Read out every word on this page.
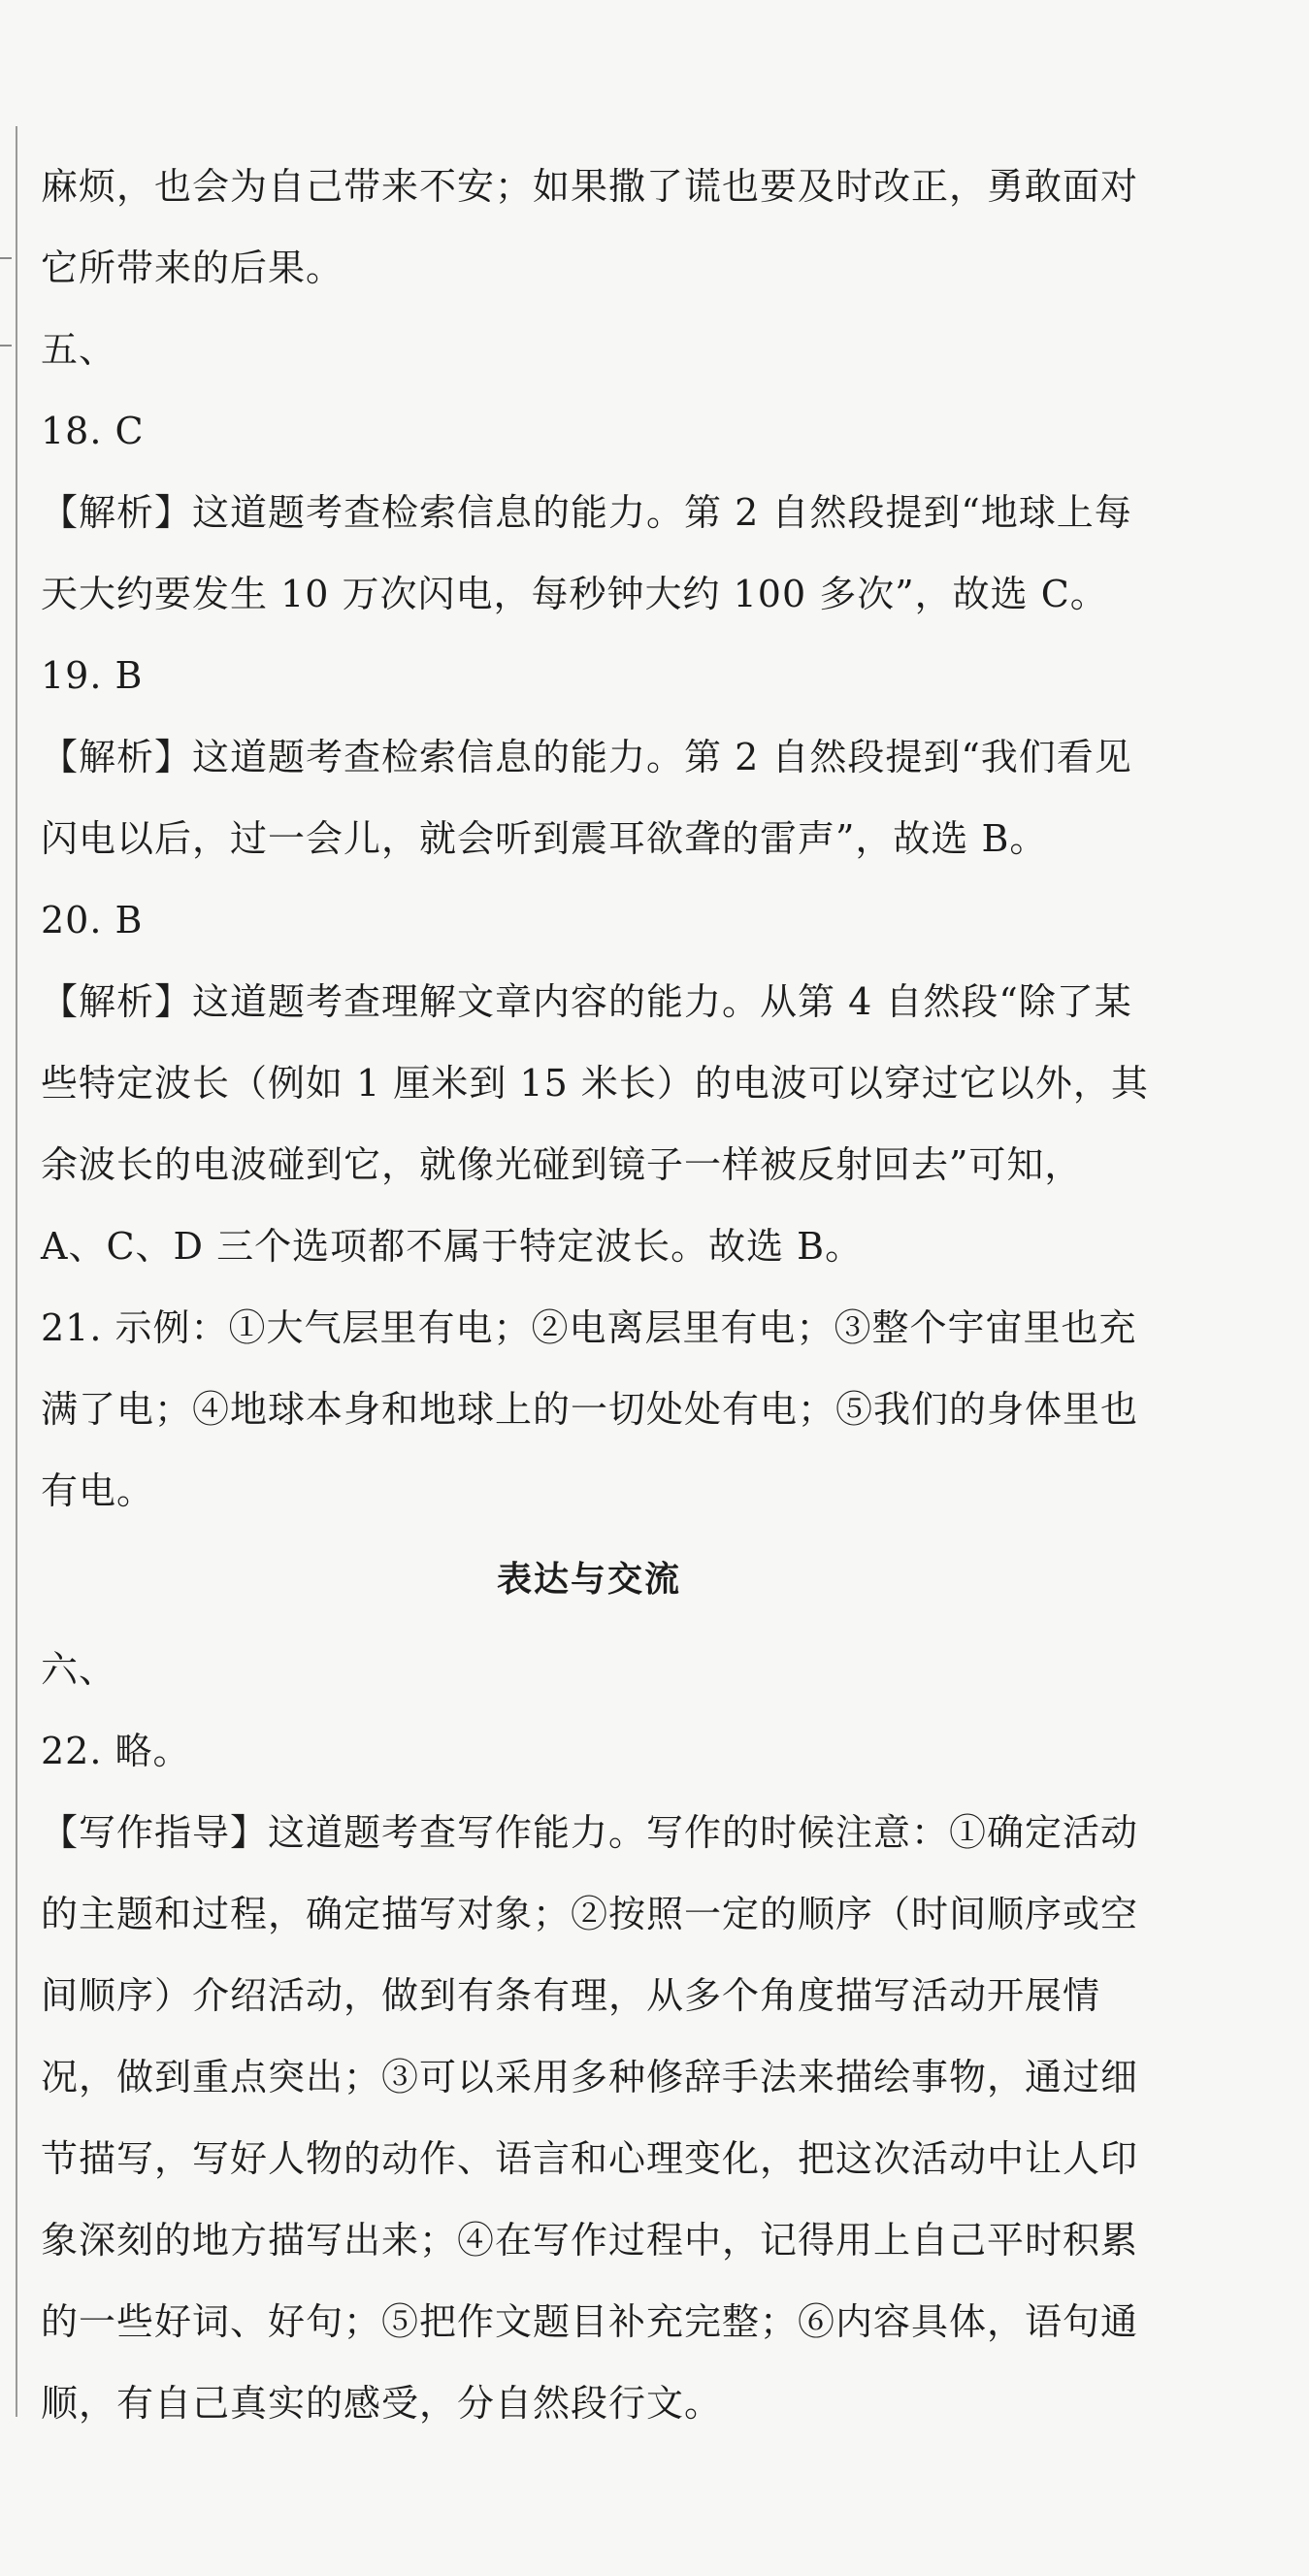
麻烦，也会为自己带来不安；如果撒了谎也要及时改正，勇敢面对
它所带来的后果。
五、
18. C
【解析】这道题考查检索信息的能力。第 2 自然段提到“地球上每
天大约要发生 10 万次闪电，每秒钟大约 100 多次”，故选 C。
19. B
【解析】这道题考查检索信息的能力。第 2 自然段提到“我们看见
闪电以后，过一会儿，就会听到震耳欲聋的雷声”，故选 B。
20. B
【解析】这道题考查理解文章内容的能力。从第 4 自然段“除了某
些特定波长（例如 1 厘米到 15 米长）的电波可以穿过它以外，其
余波长的电波碰到它，就像光碰到镜子一样被反射回去”可知，
A、C、D 三个选项都不属于特定波长。故选 B。
21. 示例：①大气层里有电；②电离层里有电；③整个宇宙里也充
满了电；④地球本身和地球上的一切处处有电；⑤我们的身体里也
有电。
表达与交流
六、
22. 略。
【写作指导】这道题考查写作能力。写作的时候注意：①确定活动
的主题和过程，确定描写对象；②按照一定的顺序（时间顺序或空
间顺序）介绍活动，做到有条有理，从多个角度描写活动开展情
况，做到重点突出；③可以采用多种修辞手法来描绘事物，通过细
节描写，写好人物的动作、语言和心理变化，把这次活动中让人印
象深刻的地方描写出来；④在写作过程中，记得用上自己平时积累
的一些好词、好句；⑤把作文题目补充完整；⑥内容具体，语句通
顺，有自己真实的感受，分自然段行文。
